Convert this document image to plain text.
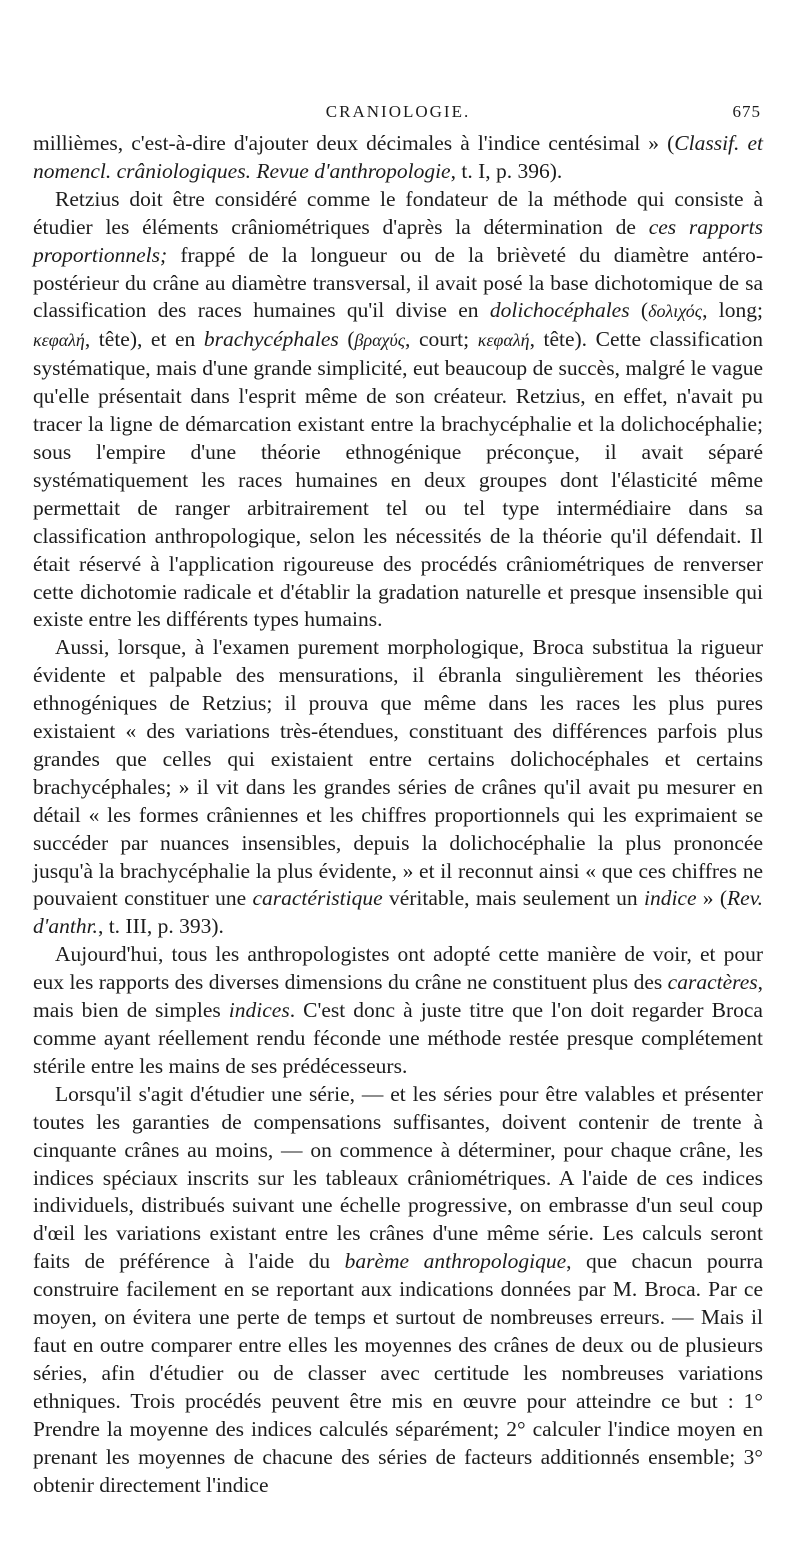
CRANIOLOGIE.	675

millièmes, c'est-à-dire d'ajouter deux décimales à l'indice centésimal » (Classif. et nomencl. crâniologiques. Revue d'anthropologie, t. I, p. 396).

Retzius doit être considéré comme le fondateur de la méthode qui consiste à étudier les éléments crâniométriques d'après la détermination de ces rapports proportionnels; frappé de la longueur ou de la brièveté du diamètre antéro-postérieur du crâne au diamètre transversal, il avait posé la base dichotomique de sa classification des races humaines qu'il divise en dolichocéphales (δολιχός, long; κεφαλή, tête), et en brachycéphales (βραχύς, court; κεφαλή, tête). Cette classification systématique, mais d'une grande simplicité, eut beaucoup de succès, malgré le vague qu'elle présentait dans l'esprit même de son créateur. Retzius, en effet, n'avait pu tracer la ligne de démarcation existant entre la brachycéphalie et la dolichocéphalie; sous l'empire d'une théorie ethnogénique préconçue, il avait séparé systématiquement les races humaines en deux groupes dont l'élasticité même permettait de ranger arbitrairement tel ou tel type intermédiaire dans sa classification anthropologique, selon les nécessités de la théorie qu'il défendait. Il était réservé à l'application rigoureuse des procédés crâniométriques de renverser cette dichotomie radicale et d'établir la gradation naturelle et presque insensible qui existe entre les différents types humains.

Aussi, lorsque, à l'examen purement morphologique, Broca substitua la rigueur évidente et palpable des mensurations, il ébranla singulièrement les théories ethnogéniques de Retzius; il prouva que même dans les races les plus pures existaient « des variations très-étendues, constituant des différences parfois plus grandes que celles qui existaient entre certains dolichocéphales et certains brachycéphales; » il vit dans les grandes séries de crânes qu'il avait pu mesurer en détail « les formes crâniennes et les chiffres proportionnels qui les exprimaient se succéder par nuances insensibles, depuis la dolichocéphalie la plus prononcée jusqu'à la brachycéphalie la plus évidente, » et il reconnut ainsi « que ces chiffres ne pouvaient constituer une caractéristique véritable, mais seulement un indice » (Rev. d'anthr., t. III, p. 393).

Aujourd'hui, tous les anthropologistes ont adopté cette manière de voir, et pour eux les rapports des diverses dimensions du crâne ne constituent plus des caractères, mais bien de simples indices. C'est donc à juste titre que l'on doit regarder Broca comme ayant réellement rendu féconde une méthode restée presque complétement stérile entre les mains de ses prédécesseurs.

Lorsqu'il s'agit d'étudier une série, — et les séries pour être valables et présenter toutes les garanties de compensations suffisantes, doivent contenir de trente à cinquante crânes au moins, — on commence à déterminer, pour chaque crâne, les indices spéciaux inscrits sur les tableaux crâniométriques. A l'aide de ces indices individuels, distribués suivant une échelle progressive, on embrasse d'un seul coup d'œil les variations existant entre les crânes d'une même série. Les calculs seront faits de préférence à l'aide du barème anthropologique, que chacun pourra construire facilement en se reportant aux indications données par M. Broca. Par ce moyen, on évitera une perte de temps et surtout de nombreuses erreurs. — Mais il faut en outre comparer entre elles les moyennes des crânes de deux ou de plusieurs séries, afin d'étudier ou de classer avec certitude les nombreuses variations ethniques. Trois procédés peuvent être mis en œuvre pour atteindre ce but : 1° Prendre la moyenne des indices calculés séparément; 2° calculer l'indice moyen en prenant les moyennes de chacune des séries de facteurs additionnés ensemble; 3° obtenir directement l'indice
